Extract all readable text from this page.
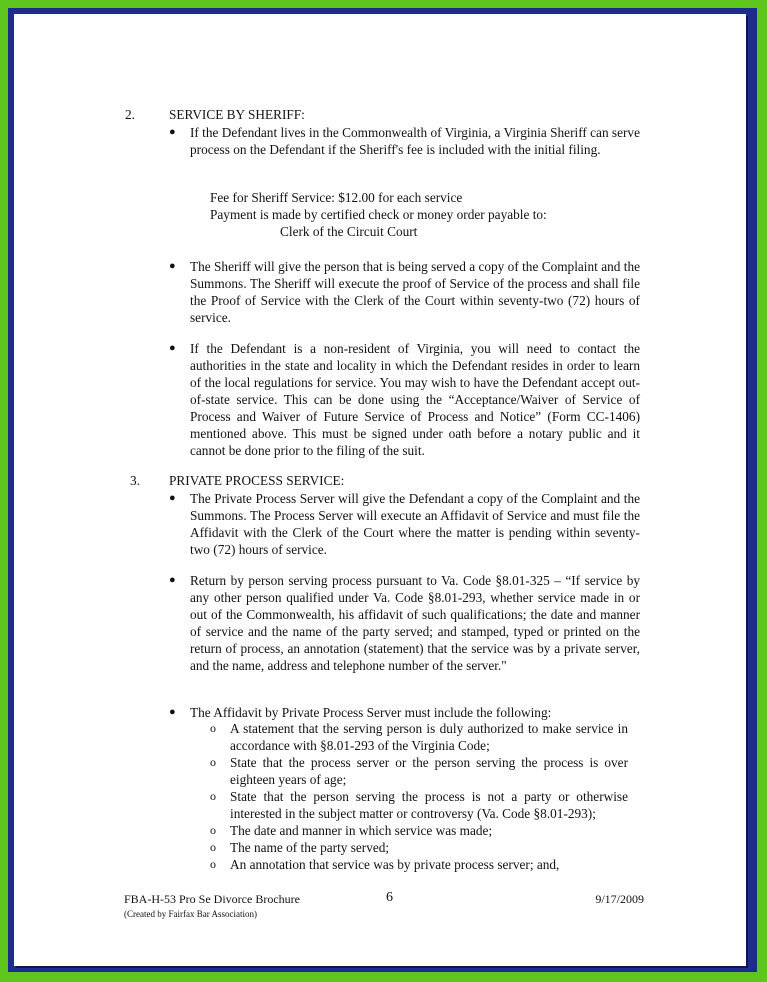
2.	SERVICE BY SHERIFF:
● If the Defendant lives in the Commonwealth of Virginia, a Virginia Sheriff can serve process on the Defendant if the Sheriff's fee is included with the initial filing.
Fee for Sheriff Service: $12.00 for each service
Payment is made by certified check or money order payable to:
Clerk of the Circuit Court
● The Sheriff will give the person that is being served a copy of the Complaint and the Summons. The Sheriff will execute the proof of Service of the process and shall file the Proof of Service with the Clerk of the Court within seventy-two (72) hours of service.
● If the Defendant is a non-resident of Virginia, you will need to contact the authorities in the state and locality in which the Defendant resides in order to learn of the local regulations for service. You may wish to have the Defendant accept out-of-state service. This can be done using the “Acceptance/Waiver of Service of Process and Waiver of Future Service of Process and Notice” (Form CC-1406) mentioned above. This must be signed under oath before a notary public and it cannot be done prior to the filing of the suit.
3. PRIVATE PROCESS SERVICE:
● The Private Process Server will give the Defendant a copy of the Complaint and the Summons. The Process Server will execute an Affidavit of Service and must file the Affidavit with the Clerk of the Court where the matter is pending within seventy-two (72) hours of service.
● Return by person serving process pursuant to Va. Code §8.01-325 – “If service by any other person qualified under Va. Code §8.01-293, whether service made in or out of the Commonwealth, his affidavit of such qualifications; the date and manner of service and the name of the party served; and stamped, typed or printed on the return of process, an annotation (statement) that the service was by a private server, and the name, address and telephone number of the server."
● The Affidavit by Private Process Server must include the following:
o A statement that the serving person is duly authorized to make service in accordance with §8.01-293 of the Virginia Code;
o State that the process server or the person serving the process is over eighteen years of age;
o State that the person serving the process is not a party or otherwise interested in the subject matter or controversy (Va. Code §8.01-293);
o The date and manner in which service was made;
o The name of the party served;
o An annotation that service was by private process server; and,
FBA-H-53 Pro Se Divorce Brochure	6	9/17/2009
(Created by Fairfax Bar Association)
